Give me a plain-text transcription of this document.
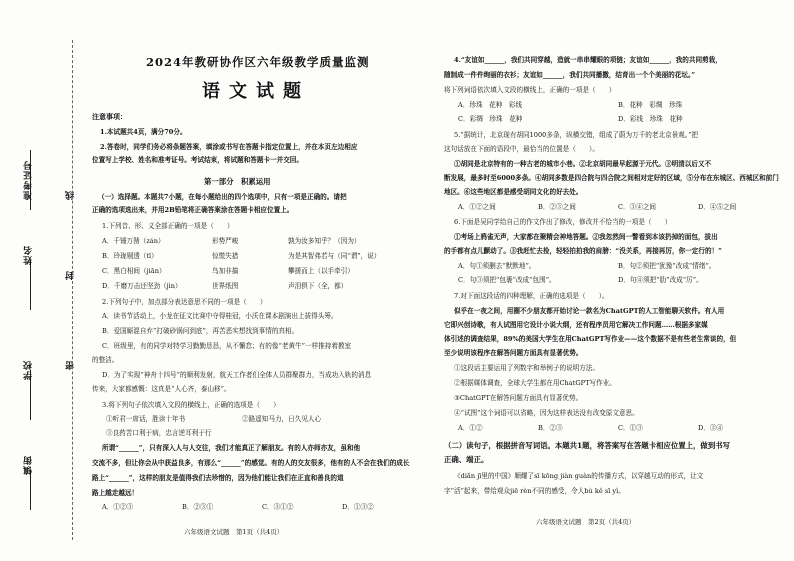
准考证号	线
姓名
封
学校	密
镇街
2024年教研协作区六年级教学质量监测
语文试题
注意事项：
1.本试题共4页，满分70分。
2.答卷时，同学们务必将条题答案，填涂或书写在答题卡指定位置上，并在本页左边相应
位置写上学校、姓名和准考证号。考试结束，将试题和答题卡一并交回。
第一部分　积累运用
（一）选择题。本题共7小题，在每小题给出的四个选项中，只有一项是正确的。请把
正确的选项选出来，并用2B铅笔将正确答案涂在答题卡相应位置上。
1.下列音、形、义全部正确的一项是（　　）
A．千锤万凿（zán）	形势严峻	孰为汝多知乎？（因为）
B．玲珑剔透（tī）	惊慌失措	为是其智弗若与（同“谓”，说）
C．黑白相间（jiān）	鸟加非搞	攀援而上（以手牵引）
D．千磨万击还坚劲（jìn）	世界纸图	声泪俱下（全，都）
2.下列句子中，加点部分表达意思不同的一项是（　　）
A．读书节活动上，小龙在征文比赛中夺得桂冠，小沃在课本剧演出上拔得头筹。
B．爱国厮混自弃“打破砂锅问到底”，再苦恶实想找到事情的真相。
C．班级里，有的同学对特学习勤勤恳恳，从不懈怠；有的像“老黄牛”一样推持着教室
的整洁。
D．为了实现“神舟十四号”的顺利发射，航天工作者们全体人员群聚群力，当成功入轨的消息
传来，大家都感慨：这真是“人心齐，泰山移”。
3.将下列句子依次填入文段的横线上，正确的选项是（　　）
①听君一席话，胜读十年书	②路遥知马力，日久见人心
③良药苦口利于病，忠言逆耳利于行
所谓“______”，只有深入人与人交往，我们才能真正了解朋友。有的人亦师亦友，虽和他
交流不多，但让你会从中获益良多，有那么“______”的感觉。有的人的交友很多，他有的人不会在我们的成长
路上“______”，这样的朋友是值得我们去珍惜的，因为他们能让我们在正直和善良的道
路上越走越远！
A．①②③	B．②③①	C．③①②	D．①③②
六年级语文试题　第1页（共4页）
4.“友谊如______，我们共同穿越，造就一串串耀眼的项链；友谊如______，我的共同剪栽，
随制成一件件绚丽的衣衫；友谊如______，我们共同播撒，结育出一个个美丽的花坛。”
将下列词语依次填入文段的横线上，正确的一项是（　　）
A．珍珠　花种　彩线	B．花种　彩绸　珍珠
C．彩绸　珍珠　花种	D．彩线　珍珠　花种
5.“据统计，北京现有胡同1000多条，纵横交错，组成了蔚为万千的老北京景观。”把
这句话放在下面的语段中，最恰当的位置是（　　）。
①胡同是北京特有的一种古老的城市小巷。②北京胡同最早起源于元代。③明清以后又不
断发展，最多时至6000多条。④胡同多数是四合院与四合院之间相对定好的区域，⑤分布在东城区、西城区和前门
地区。⑥这些地区都是感受胡同文化的好去处。
A．①②之间	B．②③之间	C．③④之间	D．④⑤之间
6.下面是吴同学给自己的作文作出了修改，修改并不恰当的一项是（　　）
①考场上鸦雀无声，大家都在聚精会神地答题。②我忽然间一瞥看到本该扔掉的面包，拔出
的手都有点儿颤动了。③我赶忙去捡，轻轻拍拍我的肩膀：“没关系，再接再厉，你一定行的！”
A．句①须删去“默默地”。	B．句②须把“犹豫”改成“情绪”。
C．句③须把“包裹”改成“包围”。	D．句④须把“肋”改成“厉”。
7.对下面这段话的四种理解，正确的选项是（　　）。
似乎在一夜之间，用圈不少朋友都开始讨论一款名为ChatGPT的人工智能聊天软件。有人用
它即兴创诗歌，有人试图用它设计小说大纲，还有程序员用它解决工作问题……根据多家媒
体引述的调查结果，89%的美国大学生在用ChatGPT写作业——这个数据不是有些老生常谈的，但
至少说明该程序在解答问题方面具有显著优势。
①这段话主要运用了列数字和举例子的说明方法。
②根据媒体调查，全球大学生都在用ChatGPT写作业。
③ChatGPT在解答问题方面具有显著优势。
④“试图”这个词语可以省略，因为这样表达没有改变原文意思。
A．①②	B．②③	C．①③	D．③④
（二）读句子，根据拼音写词语。本题共1题，将答案写在答题卡相应位置上，做到书写
正确、端正。
《diǎn jī里的中国》顺耀了sī kōng jiàn guàn的传播方式，以穿越互动的形式，让文
字“活”起来，带给观众jiē rèn不同的感受，令人bù kě sī yì。
六年级语文试题　第2页（共4页）
